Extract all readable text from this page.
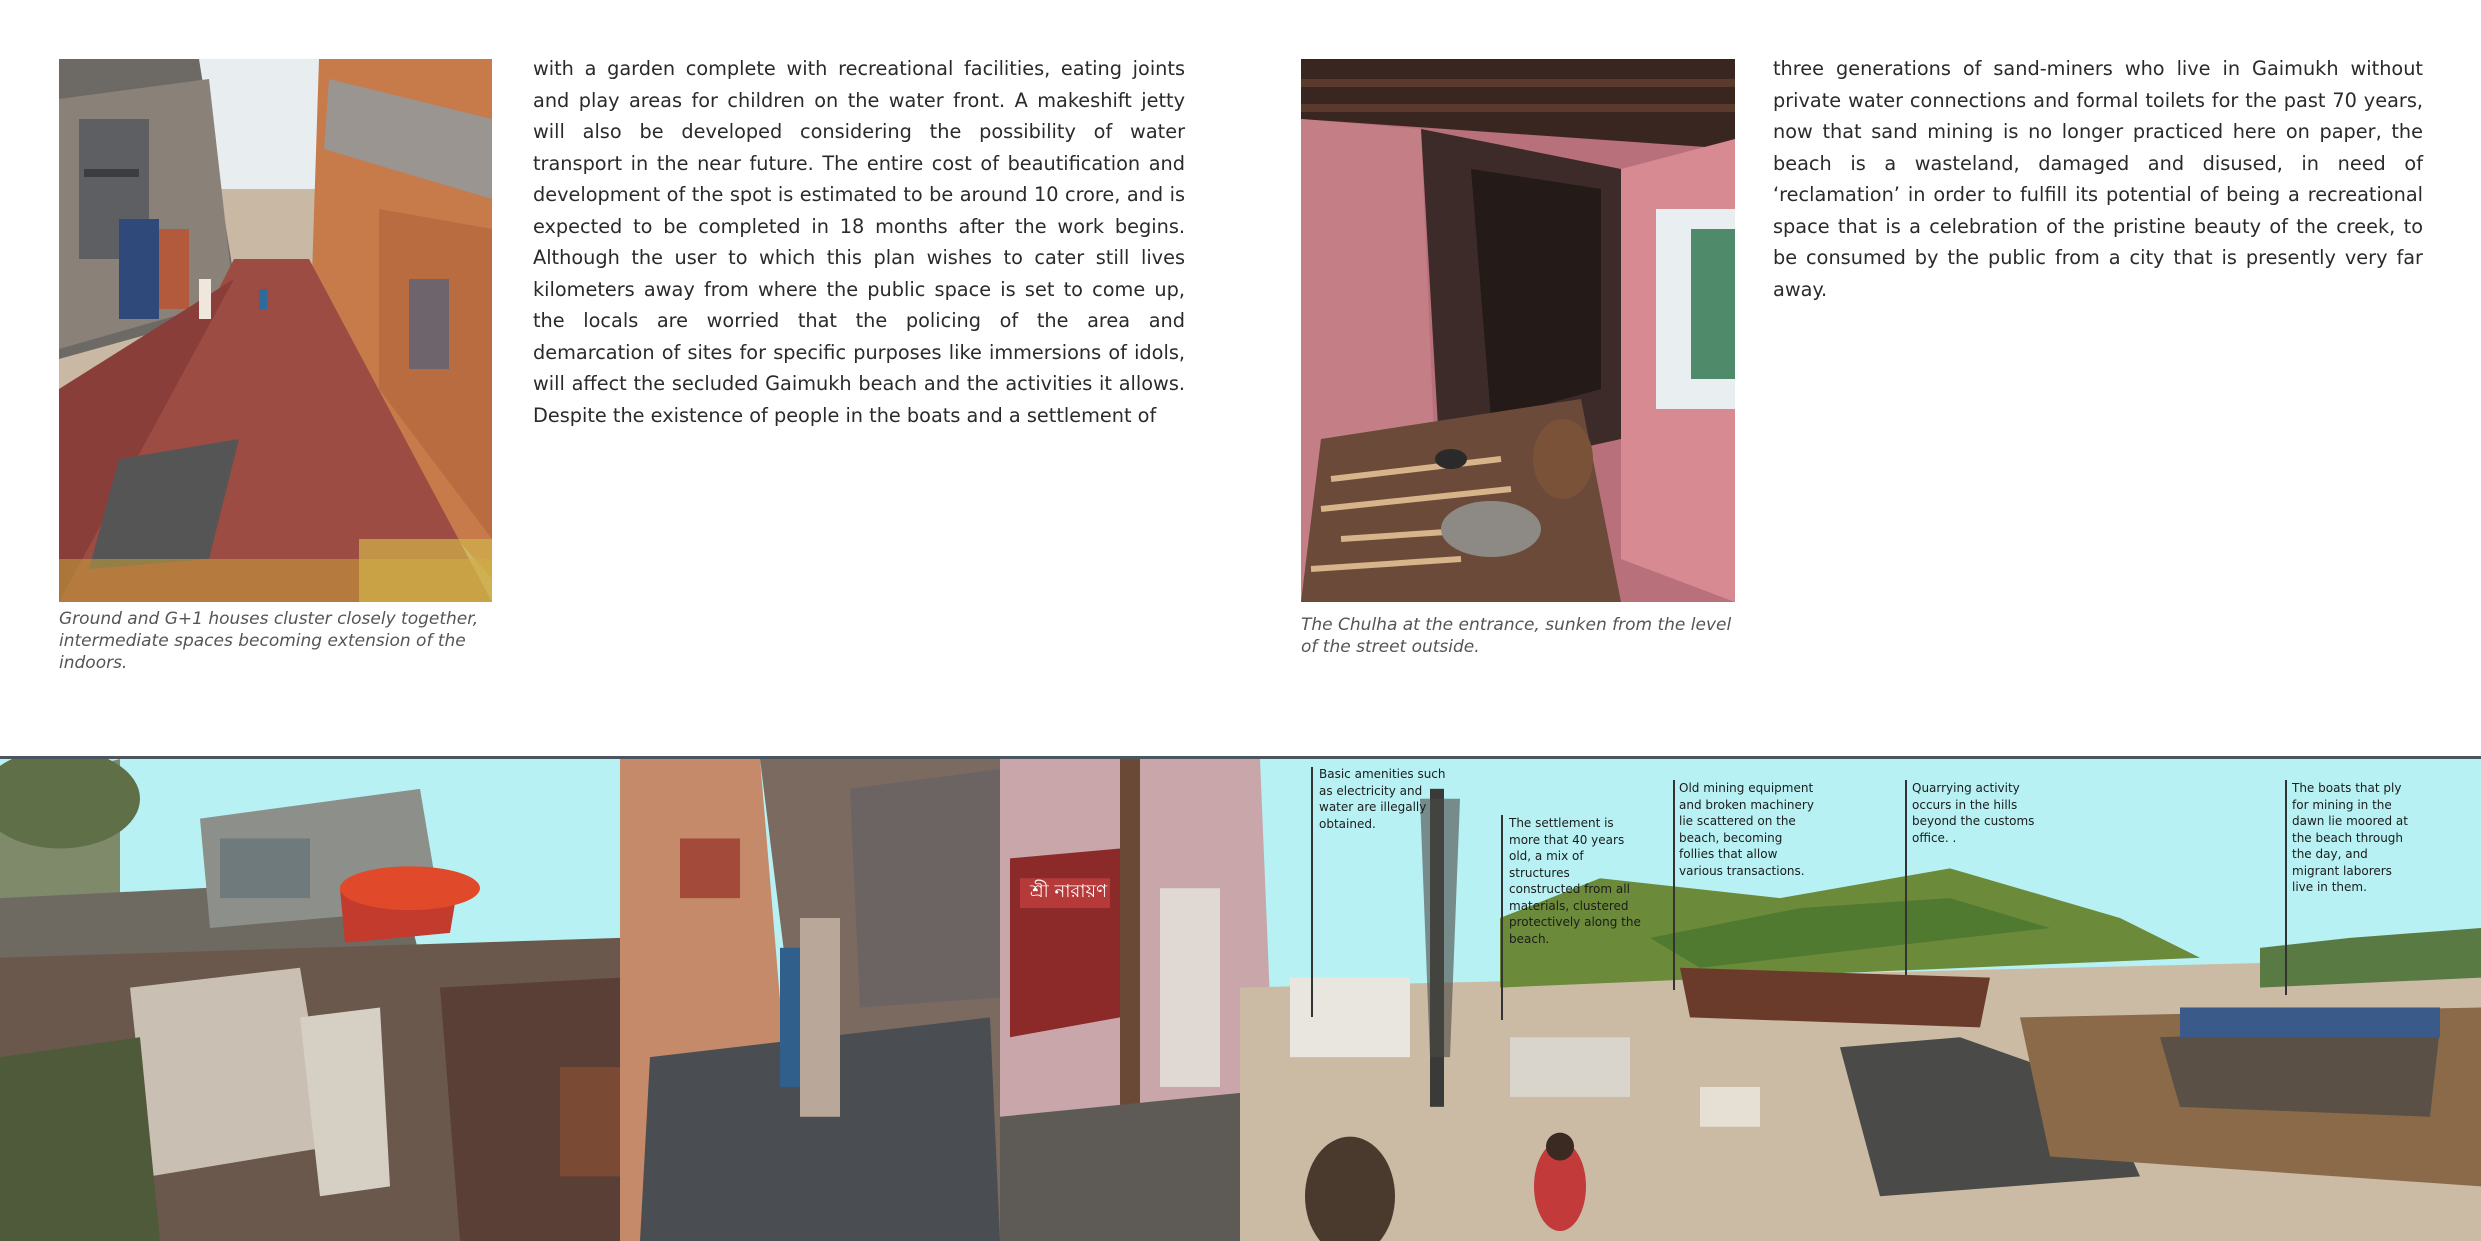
Ground and G+1 houses cluster closely together, intermediate spaces becoming extension of the indoors.
with a garden complete with recreational facilities, eating joints and play areas for children on the water front. A makeshift jetty will also be developed considering the possibility of water transport in the near future. The entire cost of beautification and development of the spot is estimated to be around 10 crore, and is expected to be completed in 18 months after the work begins. Although the user to which this plan wishes to cater still lives kilometers away from where the public space is set to come up, the locals are worried that the policing of the area and demarcation of sites for specific purposes like immersions of idols, will affect the secluded Gaimukh beach and the activities it allows. Despite the existence of people in the boats and a settlement of
The Chulha at the entrance, sunken from the level of the street outside.
three generations of sand-miners who live in Gaimukh without private water connections and formal toilets for the past 70 years, now that sand mining is no longer practiced here on paper, the beach is a wasteland, damaged and disused, in need of ‘reclamation’ in order to fulfill its potential of being a recreational space that is a celebration of the pristine beauty of the creek, to be consumed by the public from a city that is presently very far away.
শ্রী নারায়ণ
Basic amenities such as electricity and water are illegally obtained.	The settlement is more that 40 years old, a mix of structures constructed from all materials, clustered protectively along the beach.
Old mining equipment and broken machinery lie scattered on the beach, becoming follies that allow various transactions.
Quarrying activity occurs in the hills beyond the customs office. .
The boats that ply for mining in the dawn lie moored at the beach through the day, and migrant laborers live in them.
